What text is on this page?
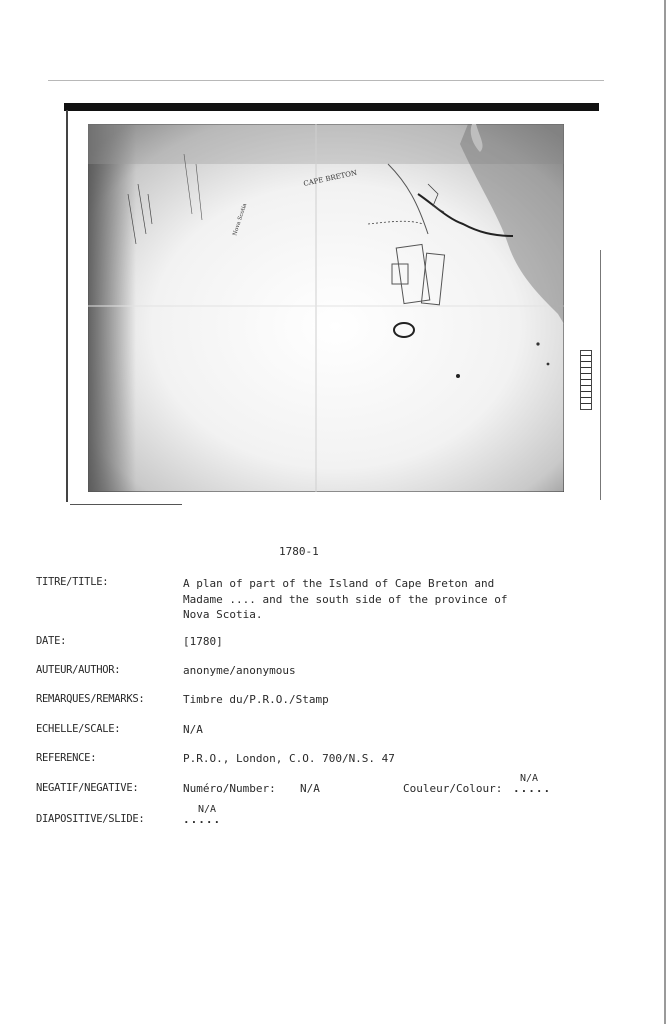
CAPE BRETON
Nova Scotia
1780-1
TITRE/TITLE:	A plan of part of the Island of Cape Breton and
Madame .... and the south side of the province of
Nova Scotia.
DATE:	[1780]
AUTEUR/AUTHOR:	anonyme/anonymous
REMARQUES/REMARKS:	Timbre du/P.R.O./Stamp
ECHELLE/SCALE:	N/A
REFERENCE:	P.R.O., London, C.O. 700/N.S. 47
NEGATIF/NEGATIVE:	Numéro/Number: N/A	Couleur/Colour: .....
N/A
DIAPOSITIVE/SLIDE:	.....
N/A
